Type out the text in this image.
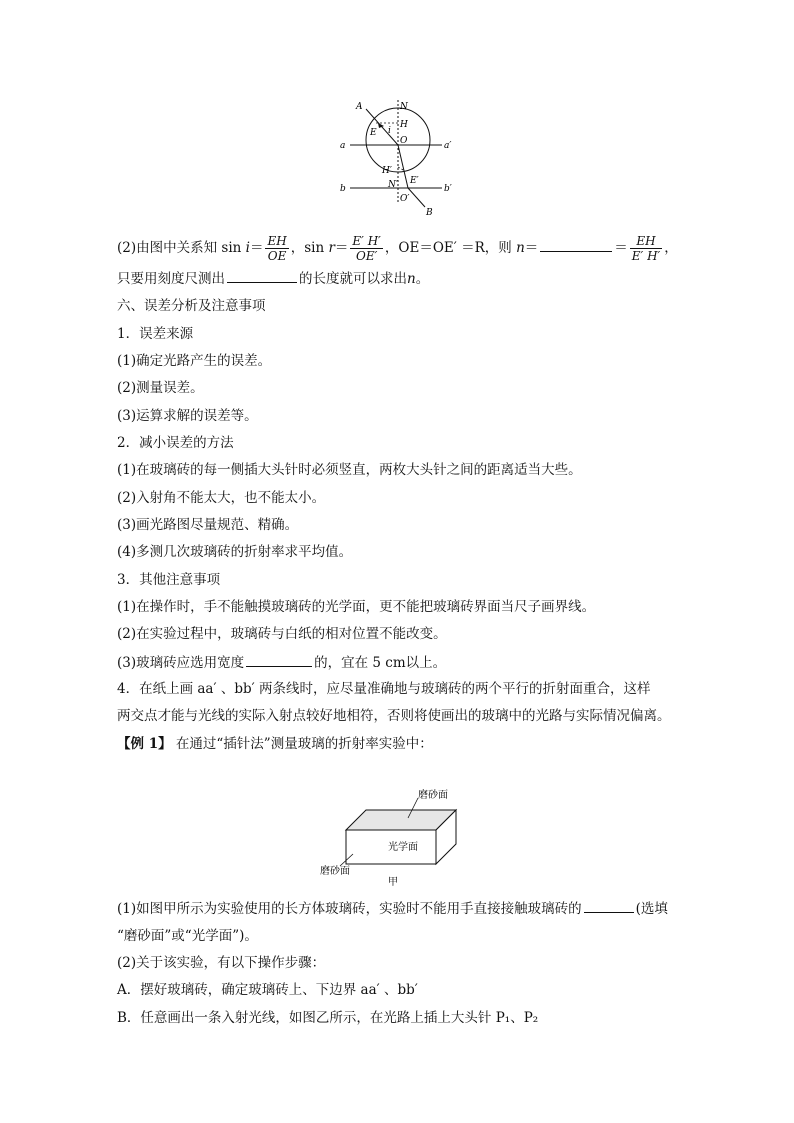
A	N
H
E i
O
a	a′
H′
N′ E′
b	b′
O′
B
(2)由图中关系知 $\sin i= \frac{EH}{OE}$ ，$\sin r= \frac{E' H'}{OE'}$ ，OE＝OE′ ＝R，则 n＝	＝ $\frac{EH}{E' H'}$ ，
只要用刻度尺测出	的长度就可以求出n。
六、误差分析及注意事项
1．误差来源
(1)确定光路产生的误差。
(2)测量误差。
(3)运算求解的误差等。
2．减小误差的方法
(1)在玻璃砖的每一侧插大头针时必须竖直，两枚大头针之间的距离适当大些。
(2)入射角不能太大，也不能太小。
(3)画光路图尽量规范、精确。
(4)多测几次玻璃砖的折射率求平均值。
3．其他注意事项
(1)在操作时，手不能触摸玻璃砖的光学面，更不能把玻璃砖界面当尺子画界线。
(2)在实验过程中，玻璃砖与白纸的相对位置不能改变。
(3)玻璃砖应选用宽度	的，宜在 5 cm以上。
4．在纸上画 aa′ 、bb′ 两条线时，应尽量准确地与玻璃砖的两个平行的折射面重合，这样
两交点才能与光线的实际入射点较好地相符，否则将使画出的玻璃中的光路与实际情况偏离。
【例 1】 在通过“插针法”测量玻璃的折射率实验中：
磨砂面
光学面
磨砂面
甲
(1)如图甲所示为实验使用的长方体玻璃砖，实验时不能用手直接接触玻璃砖的	(选填
“磨砂面”或“光学面”)。
(2)关于该实验，有以下操作步骤：
A．摆好玻璃砖，确定玻璃砖上、下边界 aa′ 、bb′
B．任意画出一条入射光线，如图乙所示，在光路上插上大头针 P₁、P₂
